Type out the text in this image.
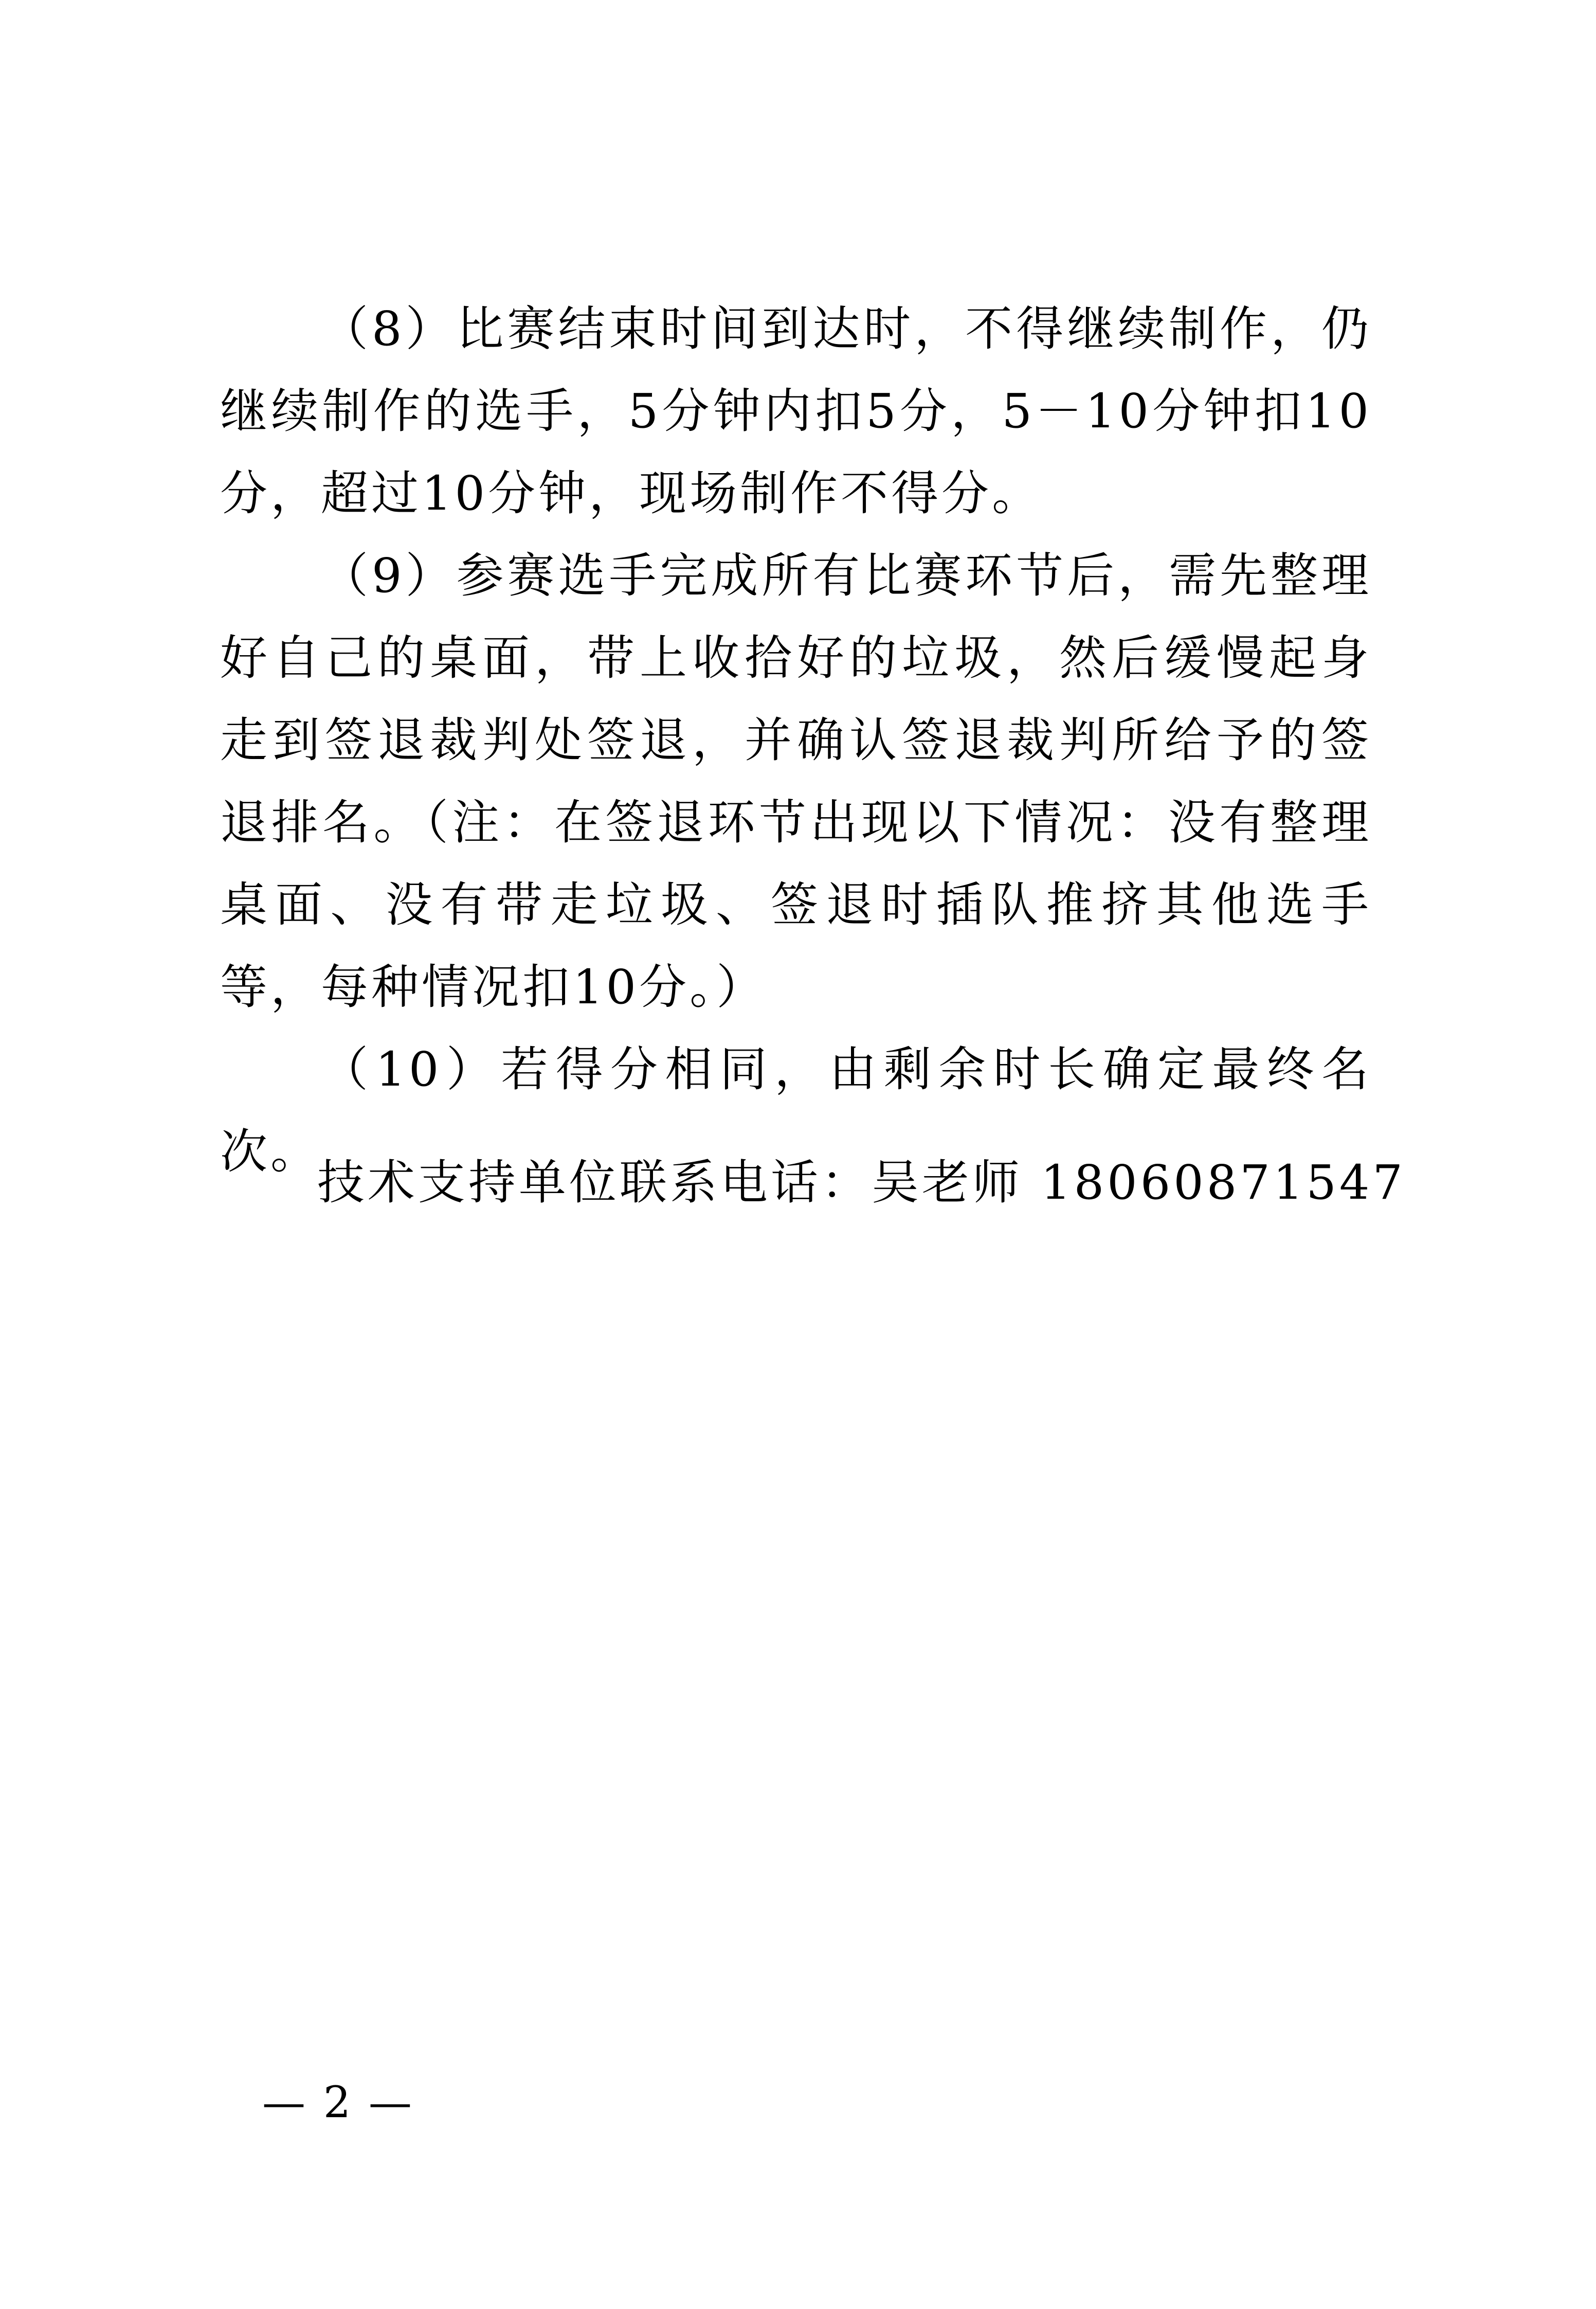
（8）比赛结束时间到达时，不得继续制作，仍继续制作的选手，5分钟内扣5分，5－10分钟扣10分，超过10分钟，现场制作不得分。

（9）参赛选手完成所有比赛环节后，需先整理好自己的桌面，带上收拾好的垃圾，然后缓慢起身走到签退裁判处签退，并确认签退裁判所给予的签退排名。（注：在签退环节出现以下情况：没有整理桌面、没有带走垃圾、签退时插队推挤其他选手等，每种情况扣10分。）

（10）若得分相同，由剩余时长确定最终名次。

技术支持单位联系电话：吴老师 18060871547
— 2 —
